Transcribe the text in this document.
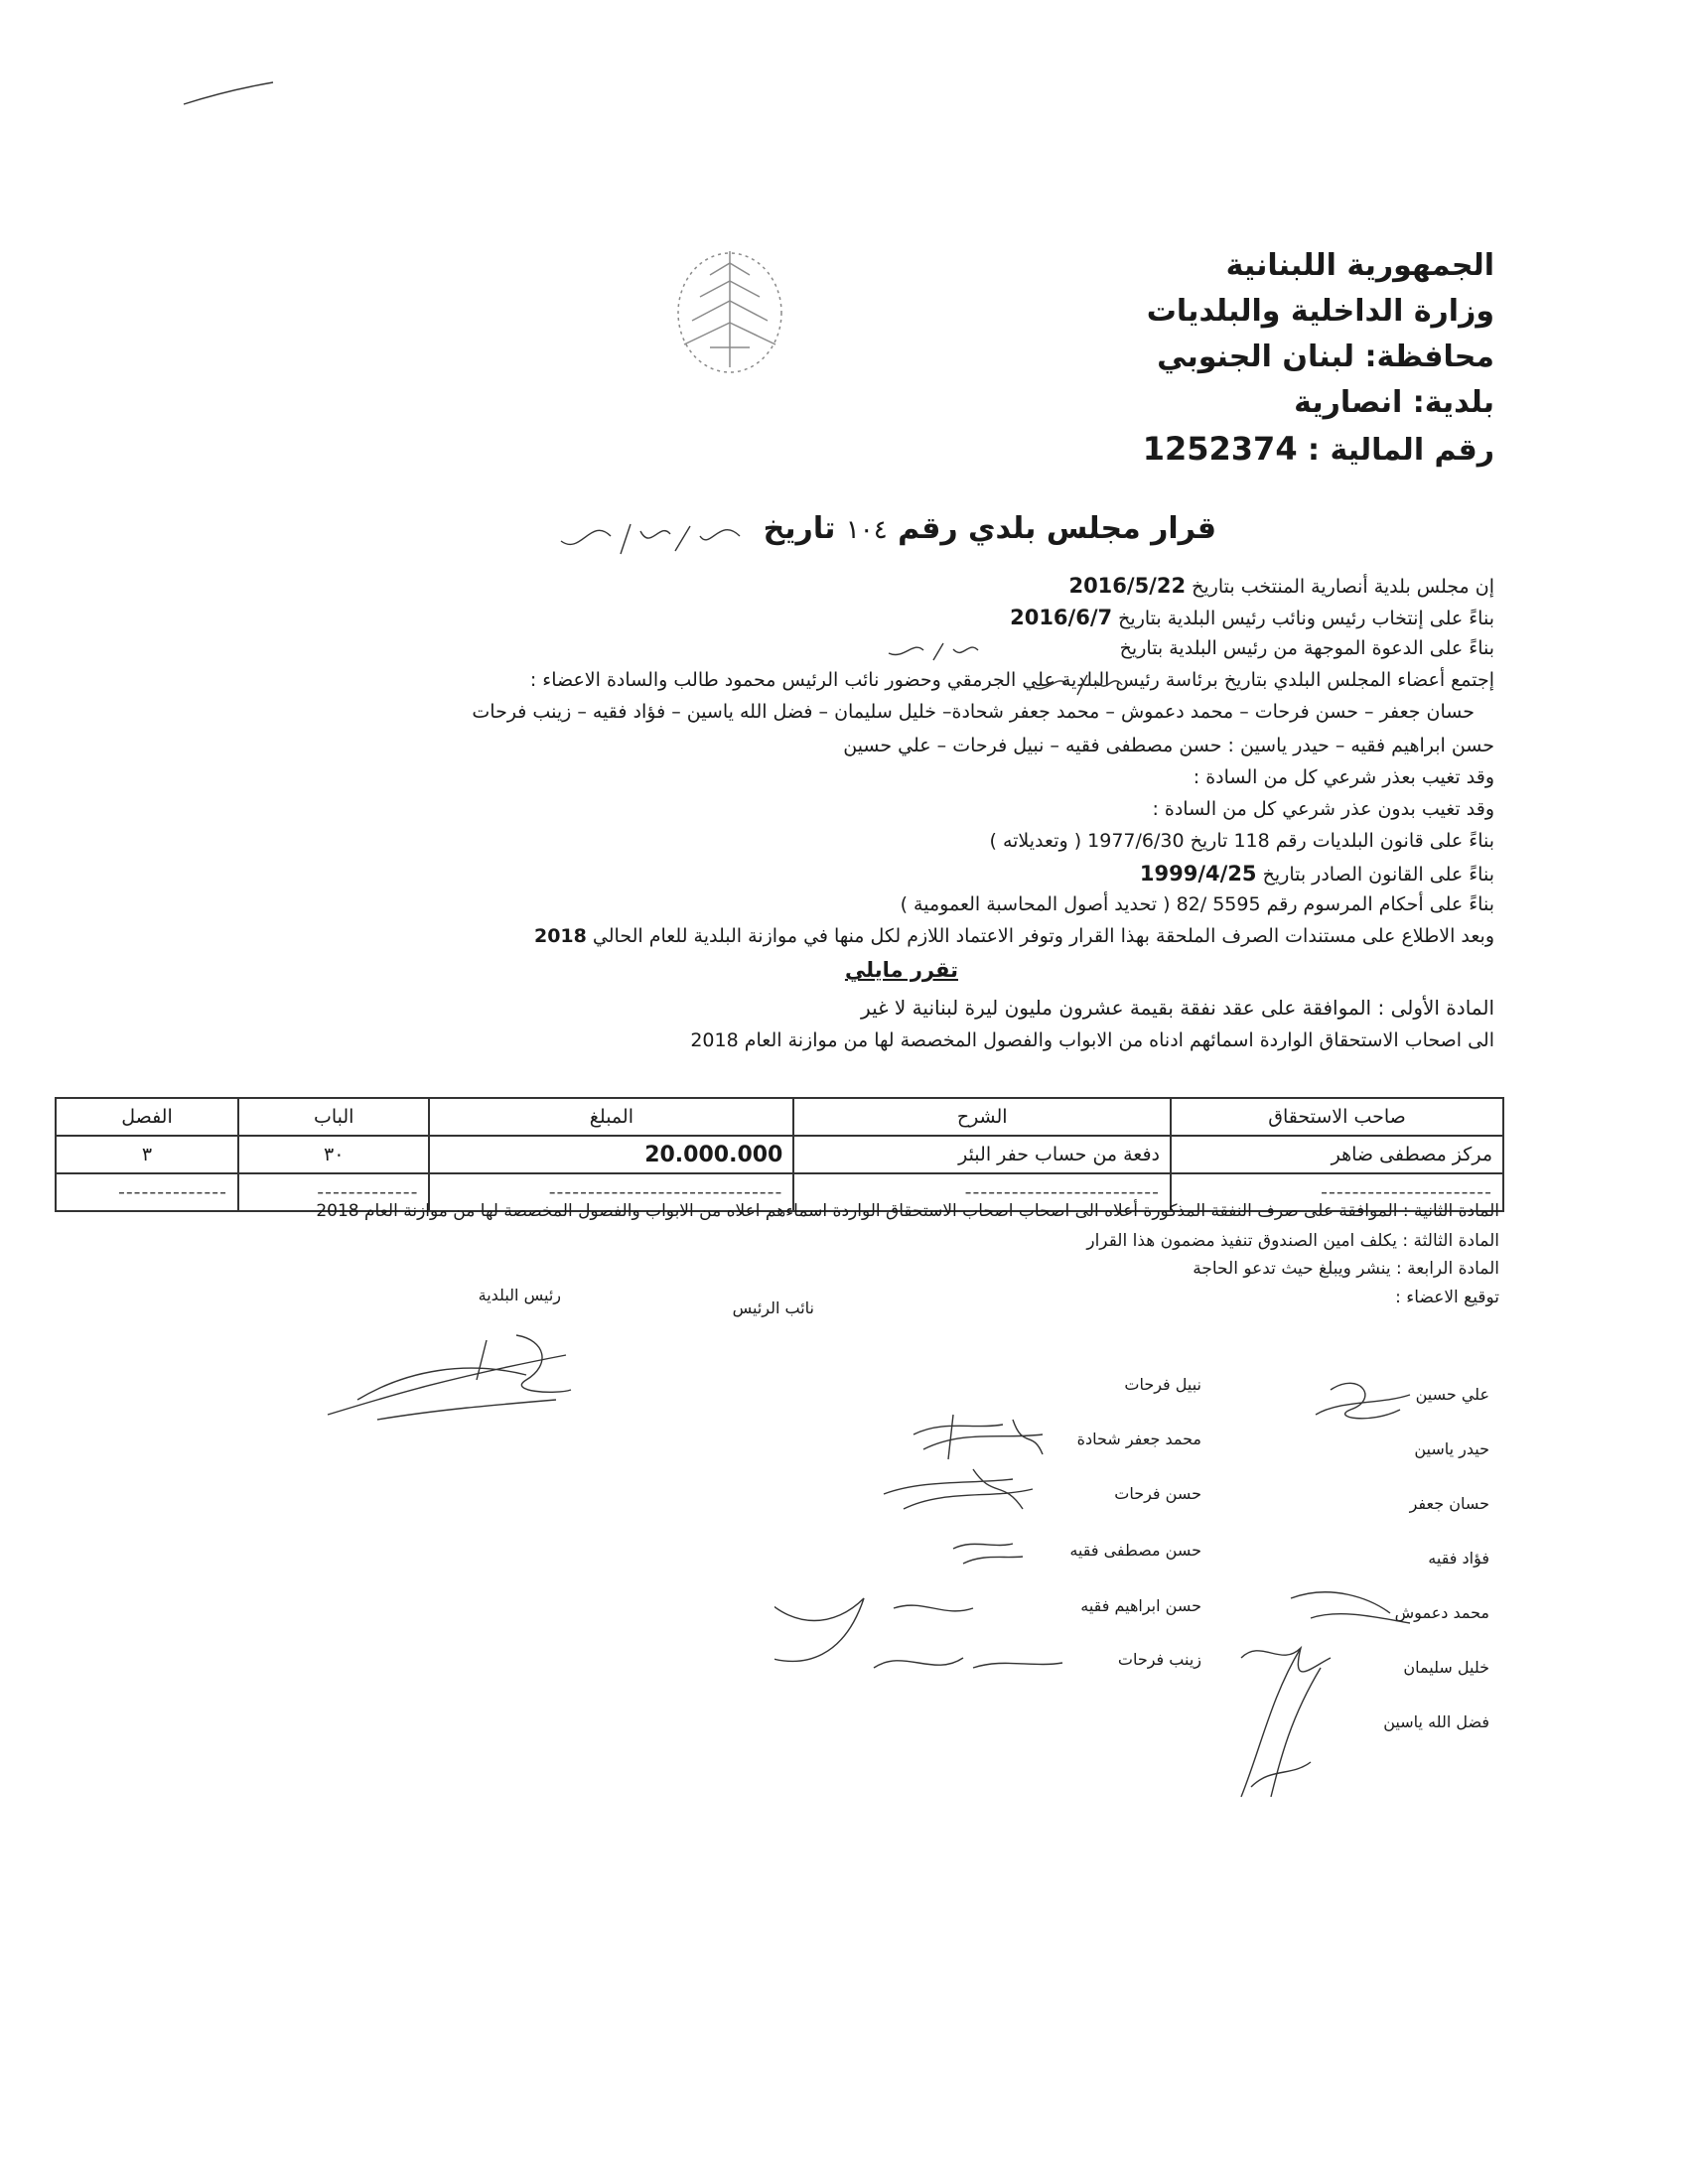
الجمهورية اللبنانية
وزارة الداخلية والبلديات
محافظة: لبنان الجنوبي
بلدية: انصارية
رقم المالية : 1252374
قرار مجلس بلدي رقم ١٠٤ تاريخ
إن مجلس بلدية أنصارية المنتخب بتاريخ 2016/5/22
بناءً على إنتخاب رئيس ونائب رئيس البلدية بتاريخ 2016/6/7
بناءً على الدعوة الموجهة من رئيس البلدية بتاريخ
إجتمع أعضاء المجلس البلدي بتاريخ برئاسة رئيس البلدية علي الجرمقي وحضور نائب الرئيس محمود طالب والسادة الاعضاء :
حسان جعفر – حسن فرحات – محمد دعموش – محمد جعفر شحادة– خليل سليمان – فضل الله ياسين – فؤاد فقيه – زينب فرحات
حسن ابراهيم فقيه – حيدر ياسين : حسن مصطفى فقيه – نبيل فرحات – علي حسين
وقد تغيب بعذر شرعي كل من السادة :
وقد تغيب بدون عذر شرعي كل من السادة :
بناءً على قانون البلديات رقم 118 تاريخ 1977/6/30 ( وتعديلاته )
بناءً على القانون الصادر بتاريخ 1999/4/25
بناءً على أحكام المرسوم رقم 5595 /82 ( تحديد أصول المحاسبة العمومية )
وبعد الاطلاع على مستندات الصرف الملحقة بهذا القرار وتوفر الاعتماد اللازم لكل منها في موازنة البلدية للعام الحالي 2018
تقرر مايلي
المادة الأولى : الموافقة على عقد نفقة بقيمة عشرون مليون ليرة لبنانية لا غير
الى اصحاب الاستحقاق الواردة اسمائهم ادناه من الابواب والفصول المخصصة لها من موازنة العام 2018
صاحب الاستحقاق	الشرح	المبلغ	الباب	الفصل
مركز مصطفى ضاهر	دفعة من حساب حفر البئر	20.000.000	٣٠	٣
----------------------	-------------------------	------------------------------	-------------	--------------
المادة الثانية : الموافقة على صرف النفقة المذكورة أعلاه الى اصحاب اصحاب الاستحقاق الواردة اسماءهم اعلاه من الابواب والفصول المخصصة لها من موازنة العام 2018
المادة الثالثة : يكلف امين الصندوق تنفيذ مضمون هذا القرار
المادة الرابعة : ينشر ويبلغ حيث تدعو الحاجة
توقيع الاعضاء :
رئيس البلدية
نائب الرئيس
علي حسين
حيدر ياسين
حسان جعفر
فؤاد فقيه
محمد دعموش
خليل سليمان
فضل الله ياسين
نبيل فرحات
محمد جعفر شحادة
حسن فرحات
حسن مصطفى فقيه
حسن ابراهيم فقيه
زينب فرحات
